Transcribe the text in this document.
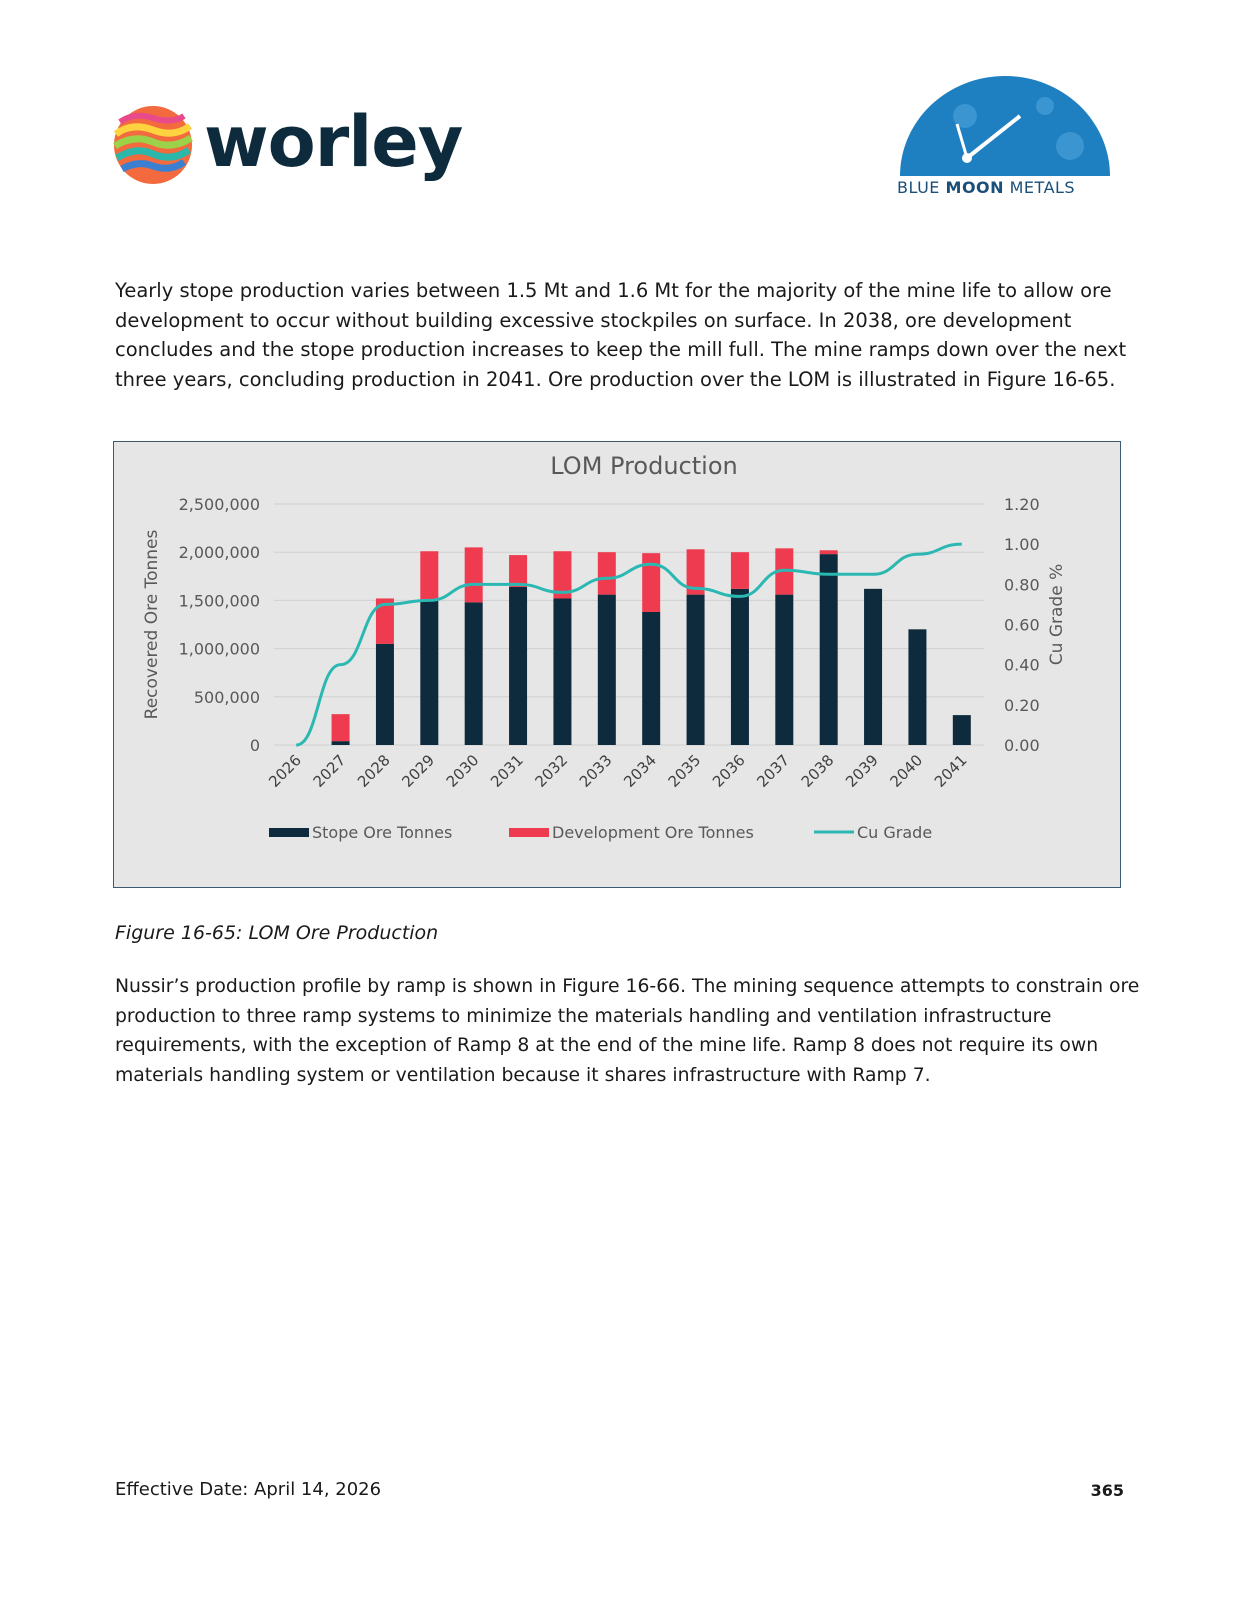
worley
BLUE MOON METALS

Yearly stope production varies between 1.5 Mt and 1.6 Mt for the majority of the mine life to allow ore development to occur without building excessive stockpiles on surface. In 2038, ore development concludes and the stope production increases to keep the mill full. The mine ramps down over the next three years, concluding production in 2041. Ore production over the LOM is illustrated in Figure 16-65.

LOM Production
0
500,000
1,000,000
1,500,000
2,000,000
2,500,000
0.00
0.20
0.40
0.60
0.80
1.00
1.20
Recovered Ore Tonnes	Cu Grade %
2026 2027 2028 2029 2030 2031 2032 2033 2034 2035 2036 2037 2038 2039 2040 2041
Stope Ore Tonnes	Development Ore Tonnes	Cu Grade
Figure 16-65: LOM Ore Production

Nussir’s production profile by ramp is shown in Figure 16-66. The mining sequence attempts to constrain ore production to three ramp systems to minimize the materials handling and ventilation infrastructure requirements, with the exception of Ramp 8 at the end of the mine life. Ramp 8 does not require its own materials handling system or ventilation because it shares infrastructure with Ramp 7.

Effective Date: April 14, 2026	365
